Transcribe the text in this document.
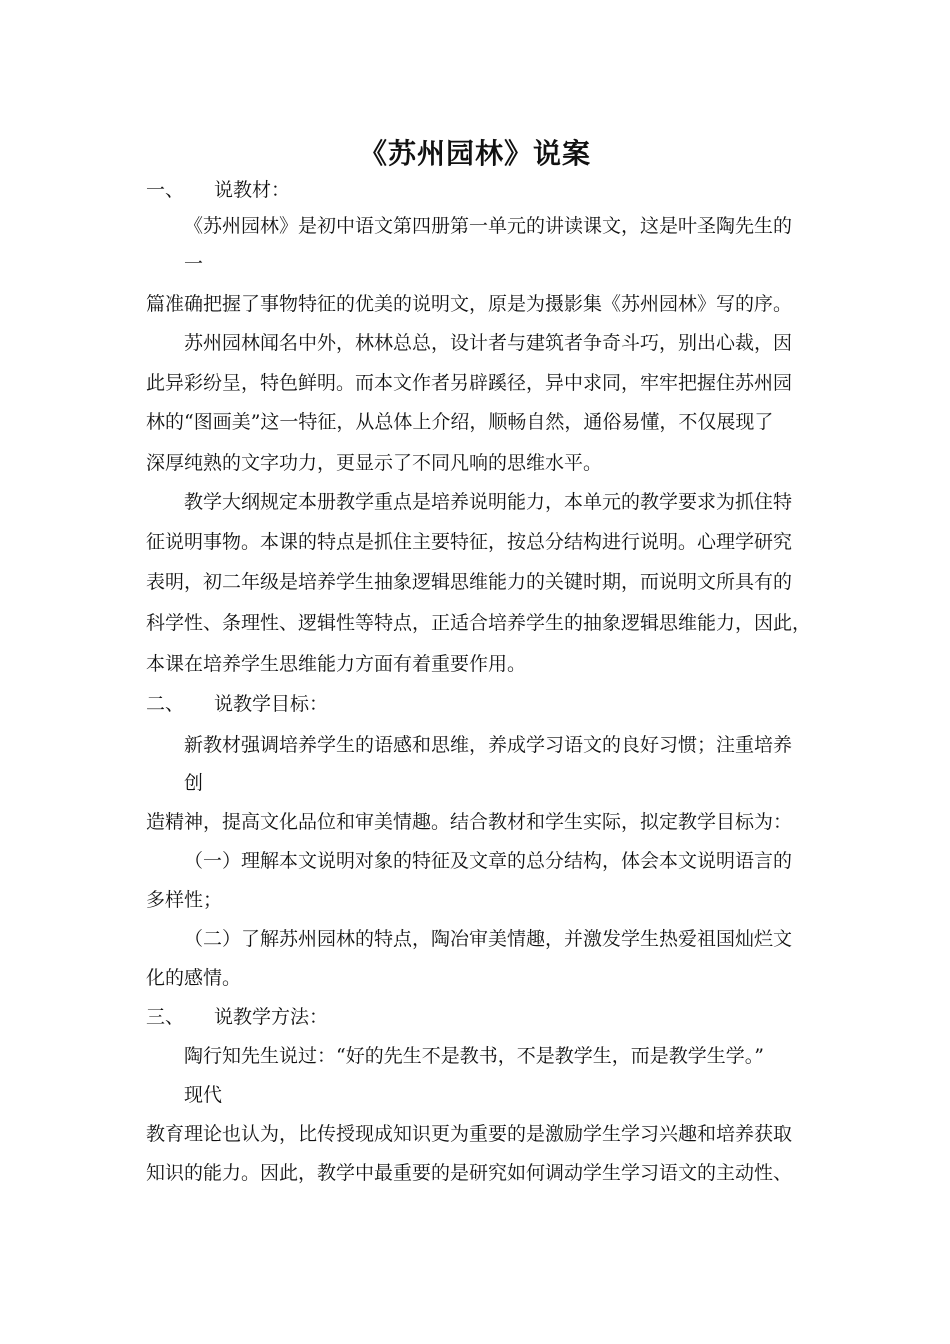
《苏州园林》说案
一、 说教材：
《苏州园林》是初中语文第四册第一单元的讲读课文，这是叶圣陶先生的
一
篇准确把握了事物特征的优美的说明文，原是为摄影集《苏州园林》写的序。
苏州园林闻名中外，林林总总，设计者与建筑者争奇斗巧，别出心裁，因
此异彩纷呈，特色鲜明。而本文作者另辟蹊径，异中求同，牢牢把握住苏州园
林的“图画美”这一特征，从总体上介绍，顺畅自然，通俗易懂，不仅展现了
深厚纯熟的文字功力，更显示了不同凡响的思维水平。
教学大纲规定本册教学重点是培养说明能力，本单元的教学要求为抓住特
征说明事物。本课的特点是抓住主要特征，按总分结构进行说明。心理学研究
表明，初二年级是培养学生抽象逻辑思维能力的关键时期，而说明文所具有的
科学性、条理性、逻辑性等特点，正适合培养学生的抽象逻辑思维能力，因此，
本课在培养学生思维能力方面有着重要作用。
二、 说教学目标：
新教材强调培养学生的语感和思维，养成学习语文的良好习惯；注重培养
创
造精神，提高文化品位和审美情趣。结合教材和学生实际，拟定教学目标为：
（一）理解本文说明对象的特征及文章的总分结构，体会本文说明语言的
多样性；
（二）了解苏州园林的特点，陶冶审美情趣，并激发学生热爱祖国灿烂文
化的感情。
三、 说教学方法：
陶行知先生说过：“好的先生不是教书，不是教学生，而是教学生学。”
现代
教育理论也认为，比传授现成知识更为重要的是激励学生学习兴趣和培养获取
知识的能力。因此，教学中最重要的是研究如何调动学生学习语文的主动性、
